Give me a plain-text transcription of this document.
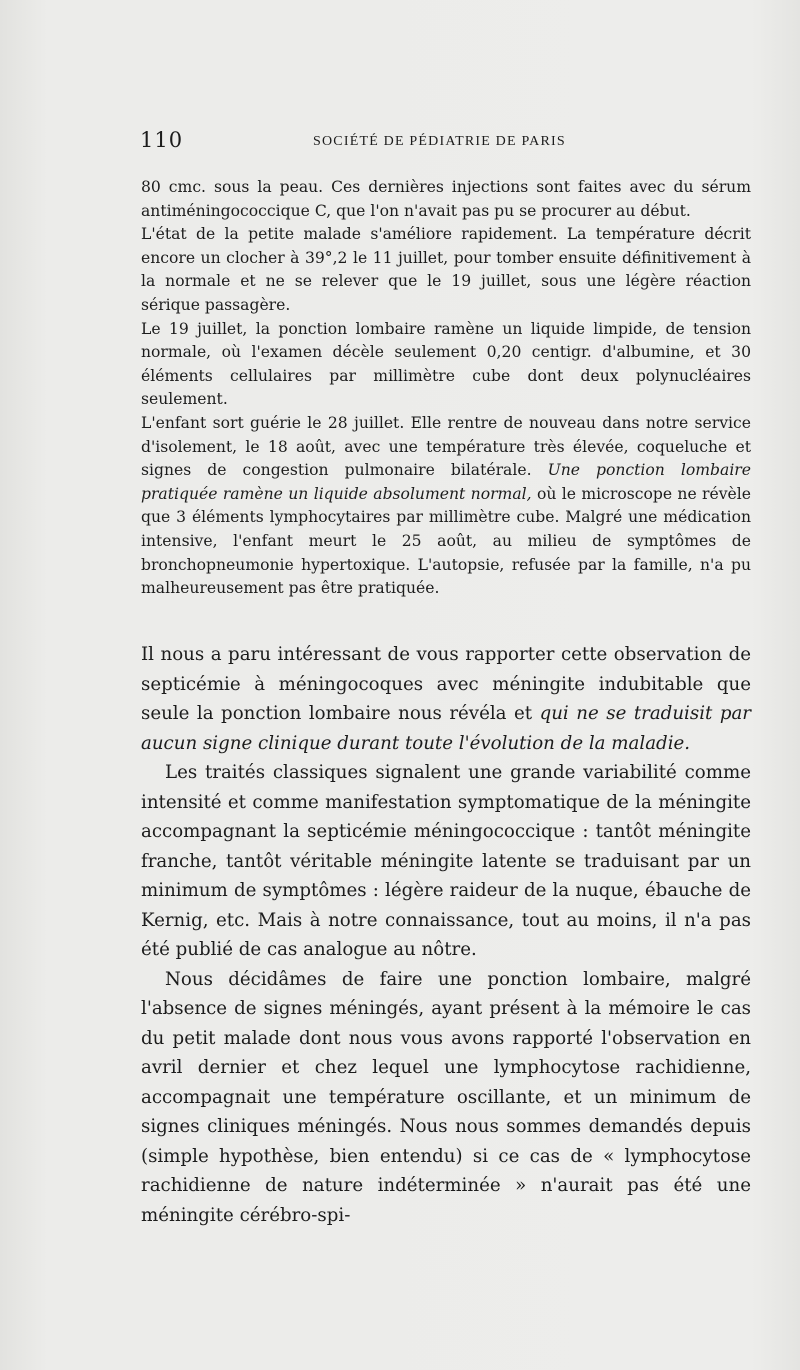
110	SOCIÉTÉ DE PÉDIATRIE DE PARIS

80 cmc. sous la peau. Ces dernières injections sont faites avec du sérum antiméningococcique C, que l'on n'avait pas pu se procurer au début.

L'état de la petite malade s'améliore rapidement. La température décrit encore un clocher à 39°,2 le 11 juillet, pour tomber ensuite définitivement à la normale et ne se relever que le 19 juillet, sous une légère réaction sérique passagère.

Le 19 juillet, la ponction lombaire ramène un liquide limpide, de tension normale, où l'examen décèle seulement 0,20 centigr. d'albumine, et 30 éléments cellulaires par millimètre cube dont deux polynucléaires seulement.

L'enfant sort guérie le 28 juillet. Elle rentre de nouveau dans notre service d'isolement, le 18 août, avec une température très élevée, coqueluche et signes de congestion pulmonaire bilatérale. Une ponction lombaire pratiquée ramène un liquide absolument normal, où le microscope ne révèle que 3 éléments lymphocytaires par millimètre cube. Malgré une médication intensive, l'enfant meurt le 25 août, au milieu de symptômes de bronchopneumonie hypertoxique. L'autopsie, refusée par la famille, n'a pu malheureusement pas être pratiquée.

Il nous a paru intéressant de vous rapporter cette observation de septicémie à méningocoques avec méningite indubitable que seule la ponction lombaire nous révéla et qui ne se traduisit par aucun signe clinique durant toute l'évolution de la maladie.

Les traités classiques signalent une grande variabilité comme intensité et comme manifestation symptomatique de la méningite accompagnant la septicémie méningococcique : tantôt méningite franche, tantôt véritable méningite latente se traduisant par un minimum de symptômes : légère raideur de la nuque, ébauche de Kernig, etc. Mais à notre connaissance, tout au moins, il n'a pas été publié de cas analogue au nôtre.

Nous décidâmes de faire une ponction lombaire, malgré l'absence de signes méningés, ayant présent à la mémoire le cas du petit malade dont nous vous avons rapporté l'observation en avril dernier et chez lequel une lymphocytose rachidienne, accompagnait une température oscillante, et un minimum de signes cliniques méningés. Nous nous sommes demandés depuis (simple hypothèse, bien entendu) si ce cas de « lymphocytose rachidienne de nature indéterminée » n'aurait pas été une méningite cérébro-spi-
